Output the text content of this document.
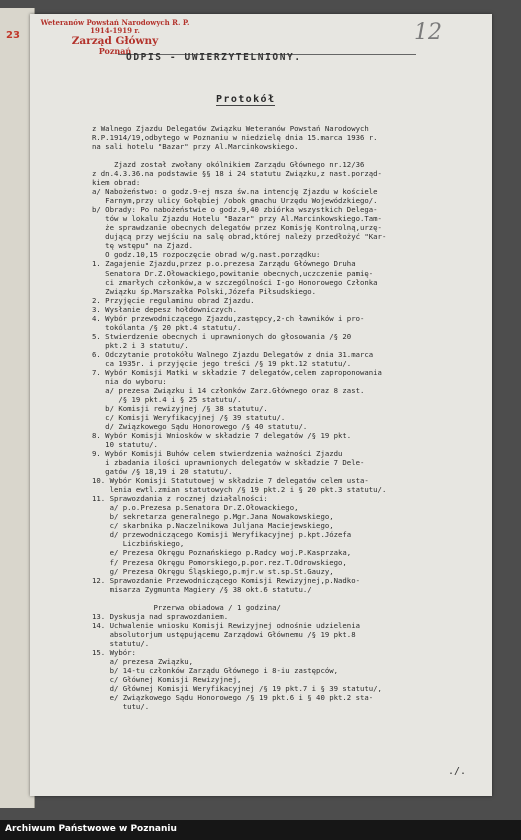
23
Weteranów Powstań Narodowych R. P. 1914-1919 r.
Zarząd Główny
Poznań
12
ODPIS - UWIERZYTELNIONY.
Protokół
z Walnego Zjazdu Delegatów Związku Weteranów Powstań Narodowych
R.P.1914/19,odbytego w Poznaniu w niedzielę dnia 15.marca 1936 r.
na sali hotelu "Bazar" przy Al.Marcinkowskiego.
Zjazd został zwołany okólnikiem Zarządu Głównego nr.12/36
z dn.4.3.36.na podstawie §§ 18 i 24 statutu Związku,z nast.porząd-
kiem obrad:
a/ Nabożeństwo: o godz.9-ej msza św.na intencję Zjazdu w kościele
Farnym,przy ulicy Gołębiej /obok gmachu Urzędu Wojewódzkiego/.
b/ Obrady: Po nabożeństwie o godz.9,40 zbiórka wszystkich Delega-
tów w lokalu Zjazdu Hotelu "Bazar" przy Al.Marcinkowskiego.Tam-
że sprawdzanie obecnych delegatów przez Komisję Kontrolną,urzę-
dującą przy wejściu na salę obrad,której należy przedłożyć "Kar-
tę wstępu" na Zjazd.
O godz.10,15 rozpoczęcie obrad w/g.nast.porządku:
1. Zagajenie Zjazdu,przez p.o.prezesa Zarządu Głównego Druha
Senatora Dr.Z.Ołowackiego,powitanie obecnych,uczczenie pamię-
ci zmarłych członków,a w szczególności I-go Honorowego Członka
Związku śp.Marszałka Polski,Józefa Piłsudskiego.
2. Przyjęcie regulaminu obrad Zjazdu.
3. Wysłanie depesz hołdowniczych.
4. Wybór przewodniczącego Zjazdu,zastępcy,2-ch ławników i pro-
tokólanta /§ 20 pkt.4 statutu/.
5. Stwierdzenie obecnych i uprawnionych do głosowania /§ 20
pkt.2 i 3 statutu/.
6. Odczytanie protokółu Walnego Zjazdu Delegatów z dnia 31.marca
ca 1935r. i przyjęcie jego treści /§ 19 pkt.12 statutu/.
7. Wybór Komisji Matki w składzie 7 delegatów,celem zaproponowania
nia do wyboru:
a/ prezesa Związku i 14 członków Zarz.Głównego oraz 8 zast.
/§ 19 pkt.4 i § 25 statutu/.
b/ Komisji rewizyjnej /§ 38 statutu/.
c/ Komisji Weryfikacyjnej /§ 39 statutu/.
d/ Związkowego Sądu Honorowego /§ 40 statutu/.
8. Wybór Komisji Wniosków w składzie 7 delegatów /§ 19 pkt.
10 statutu/.
9. Wybór Komisji Buhów celem stwierdzenia ważności Zjazdu
i zbadania ilości uprawnionych delegatów w składzie 7 Dele-
gatów /§ 18,19 i 20 statutu/.
10. Wybór Komisji Statutowej w składzie 7 delegatów celem usta-
lenia ewtl.zmian statutowych /§ 19 pkt.2 i § 20 pkt.3 statutu/.
11. Sprawozdania z rocznej działalności:
a/ p.o.Prezesa p.Senatora Dr.Z.Ołowackiego,
b/ sekretarza generalnego p.Mgr.Jana Nowakowskiego,
c/ skarbnika p.Naczelnikowa Juljana Maciejewskiego,
d/ przewodniczącego Komisji Weryfikacyjnej p.kpt.Józefa
Liczbińskiego,
e/ Prezesa Okręgu Poznańskiego p.Radcy woj.P.Kasprzaka,
f/ Prezesa Okręgu Pomorskiego,p.por.rez.T.Odrowskiego,
g/ Prezesa Okręgu Śląskiego,p.mjr.w st.sp.St.Gauzy,
12. Sprawozdanie Przewodniczącego Komisji Rewizyjnej,p.Nadko-
misarza Zygmunta Magiery /§ 38 okt.6 statutu./
Przerwa obiadowa / 1 godzina/
13. Dyskusja nad sprawozdaniem.
14. Uchwalenie wniosku Komisji Rewizyjnej odnośnie udzielenia
absolutorjum ustępującemu Zarządowi Głównemu /§ 19 pkt.8
statutu/.
15. Wybór:
a/ prezesa Związku,
b/ 14-tu członków Zarządu Głównego i 8-iu zastępców,
c/ Głównej Komisji Rewizyjnej,
d/ Głównej Komisji Weryfikacyjnej /§ 19 pkt.7 i § 39 statutu/,
e/ Związkowego Sądu Honorowego /§ 19 pkt.6 i § 40 pkt.2 sta-
tutu/.
./.
Archiwum Państwowe w Poznaniu
